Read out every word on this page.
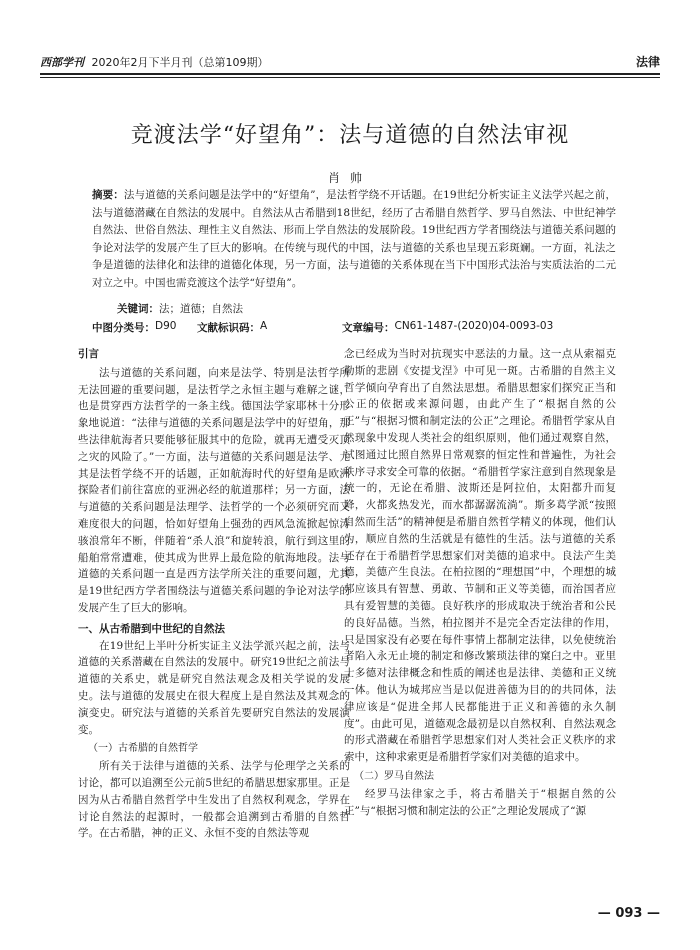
西部学刊 2020年2月下半月刊（总第109期）	法律
竞渡法学“好望角”：法与道德的自然法审视
肖帅

摘要：法与道德的关系问题是法学中的“好望角”，是法哲学绕不开话题。在19世纪分析实证主义法学兴起之前，法与道德潜藏在自然法的发展中。自然法从古希腊到18世纪，经历了古希腊自然哲学、罗马自然法、中世纪神学自然法、世俗自然法、理性主义自然法、形而上学自然法的发展阶段。19世纪西方学者围绕法与道德关系问题的争论对法学的发展产生了巨大的影响。在传统与现代的中国，法与道德的关系也呈现五彩斑斓。一方面，礼法之争是道德的法律化和法律的道德化体现，另一方面，法与道德的关系体现在当下中国形式法治与实质法治的二元对立之中。中国也需竞渡这个法学“好望角”。

关键词：法；道德；自然法
中图分类号： D90 文献标识码： A	文章编号： CN61-1487-(2020)04-0093-03

引言

法与道德的关系问题，向来是法学、特别是法哲学所无法回避的重要问题，是法哲学之永恒主题与难解之谜，也是贯穿西方法哲学的一条主线。德国法学家耶林十分形象地说道：“法律与道德的关系问题是法学中的好望角，那些法律航海者只要能够征服其中的危险，就再无遭受灭顶之灾的风险了。”一方面，法与道德的关系问题是法学、尤其是法哲学绕不开的话题，正如航海时代的好望角是欧洲探险者们前往富庶的亚洲必经的航道那样；另一方面，法与道德的关系问题是法理学、法哲学的一个必须研究而又难度很大的问题，恰如好望角上强劲的西风急流掀起惊涛骇浪常年不断，伴随着“杀人浪”和旋转浪，航行到这里的船舶常常遭难，使其成为世界上最危险的航海地段。法与道德的关系问题一直是西方法学所关注的重要问题，尤其是19世纪西方学者围绕法与道德关系问题的争论对法学的发展产生了巨大的影响。

一、从古希腊到中世纪的自然法

在19世纪上半叶分析实证主义法学派兴起之前，法与道德的关系潜藏在自然法的发展中。研究19世纪之前法与道德的关系史，就是研究自然法观念及相关学说的发展史。法与道德的发展史在很大程度上是自然法及其观念的演变史。研究法与道德的关系首先要研究自然法的发展演变。

（一）古希腊的自然哲学

所有关于法律与道德的关系、法学与伦理学之关系的讨论，都可以追溯至公元前5世纪的希腊思想家那里。正是因为从古希腊自然哲学中生发出了自然权利观念，学界在讨论自然法的起源时，一般都会追溯到古希腊的自然哲学。在古希腊，神的正义、永恒不变的自然法等观

念已经成为当时对抗现实中恶法的力量。这一点从索福克勒斯的悲剧《安提戈涅》中可见一斑。古希腊的自然主义哲学倾向孕育出了自然法思想。希腊思想家们探究正当和公正的依据或来源问题，由此产生了“根据自然的公正”与“根据习惯和制定法的公正”之理论。希腊哲学家从自然现象中发现人类社会的组织原则，他们通过观察自然，试图通过比照自然界日常观察的恒定性和普遍性，为社会秩序寻求安全可靠的依据。“希腊哲学家注意到自然现象是统一的，无论在希腊、波斯还是阿拉伯，太阳都升而复降，火都炙热发光，而水都潺潺流淌”。斯多葛学派“按照自然而生活”的精神便是希腊自然哲学精义的体现，他们认为，顺应自然的生活就是有德性的生活。法与道德的关系还存在于希腊哲学思想家们对美德的追求中。良法产生美德，美德产生良法。在柏拉图的“理想国”中，个理想的城邦应该具有智慧、勇敢、节制和正义等美德，而治国者应具有爱智慧的美德。良好秩序的形成取决于统治者和公民的良好品德。当然，柏拉图并不是完全否定法律的作用，只是国家没有必要在每件事情上都制定法律，以免使统治者陷入永无止境的制定和修改繁琐法律的窠臼之中。亚里士多德对法律概念和性质的阐述也是法律、美德和正义统一体。他认为城邦应当是以促进善德为目的的共同体，法律应该是“促进全邦人民都能进于正义和善德的永久制度”。由此可见，道德观念最初是以自然权利、自然法观念的形式潜藏在希腊哲学思想家们对人类社会正义秩序的求索中，这种求索更是希腊哲学家们对美德的追求中。

（二）罗马自然法

经罗马法律家之手，将古希腊关于“根据自然的公正”与“根据习惯和制定法的公正”之理论发展成了“源

— 093 —
